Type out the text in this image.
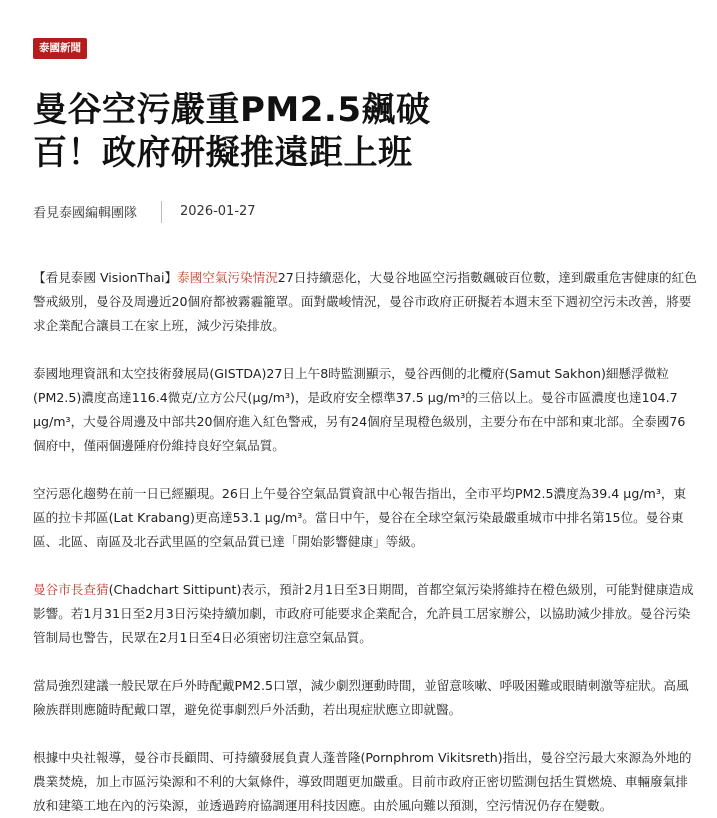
泰國新聞
曼谷空污嚴重PM2.5飆破百！政府研擬推遠距上班
看見泰國編輯團隊	2026-01-27

【看見泰國 VisionThai】泰國空氣污染情況27日持續惡化，大曼谷地區空污指數飆破百位數，達到嚴重危害健康的紅色警戒級別，曼谷及周邊近20個府都被霧霾籠罩。面對嚴峻情況，曼谷市政府正研擬若本週末至下週初空污未改善，將要求企業配合讓員工在家上班，減少污染排放。

泰國地理資訊和太空技術發展局(GISTDA)27日上午8時監測顯示，曼谷西側的北欖府(Samut Sakhon)細懸浮微粒(PM2.5)濃度高達116.4微克/立方公尺(μg/m³)，是政府安全標準37.5 μg/m³的三倍以上。曼谷市區濃度也達104.7 μg/m³，大曼谷周邊及中部共20個府進入紅色警戒，另有24個府呈現橙色級別，主要分布在中部和東北部。全泰國76個府中，僅兩個邊陲府份維持良好空氣品質。

空污惡化趨勢在前一日已經顯現。26日上午曼谷空氣品質資訊中心報告指出，全市平均PM2.5濃度為39.4 μg/m³，東區的拉卡邦區(Lat Krabang)更高達53.1 μg/m³。當日中午，曼谷在全球空氣污染最嚴重城市中排名第15位。曼谷東區、北區、南區及北吞武里區的空氣品質已達「開始影響健康」等級。

曼谷市長查猜(Chadchart Sittipunt)表示，預計2月1日至3日期間，首都空氣污染將維持在橙色級別，可能對健康造成影響。若1月31日至2月3日污染持續加劇，市政府可能要求企業配合，允許員工居家辦公，以協助減少排放。曼谷污染管制局也警告，民眾在2月1日至4日必須密切注意空氣品質。

當局強烈建議一般民眾在戶外時配戴PM2.5口罩，減少劇烈運動時間，並留意咳嗽、呼吸困難或眼睛刺激等症狀。高風險族群則應隨時配戴口罩，避免從事劇烈戶外活動，若出現症狀應立即就醫。

根據中央社報導，曼谷市長顧問、可持續發展負責人蓬普隆(Pornphrom Vikitsreth)指出，曼谷空污最大來源為外地的農業焚燒，加上市區污染源和不利的大氣條件，導致問題更加嚴重。目前市政府正密切監測包括生質燃燒、車輛廢氣排放和建築工地在內的污染源，並透過跨府協調運用科技因應。由於風向難以預測，空污情況仍存在變數。
